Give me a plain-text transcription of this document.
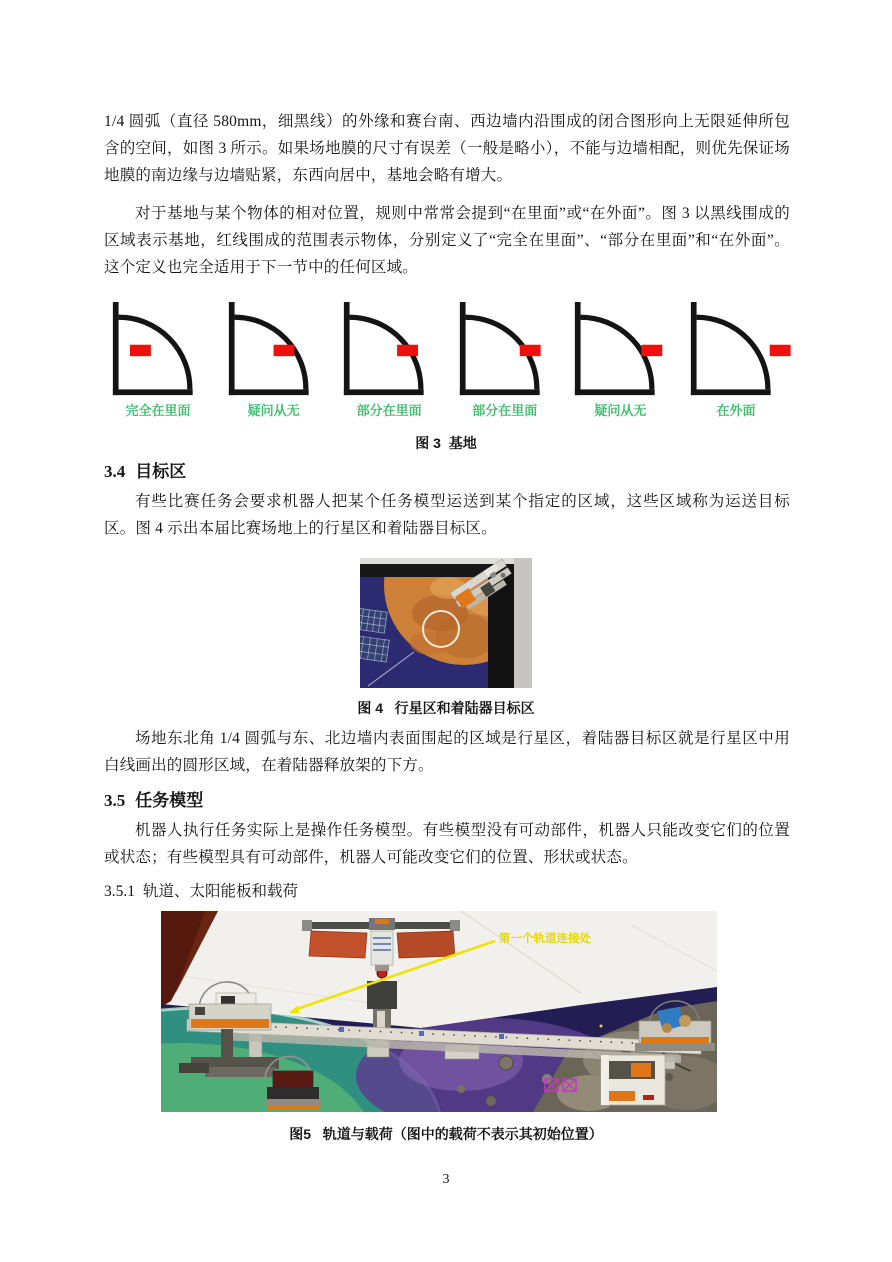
1/4 圆弧（直径 580mm，细黑线）的外缘和赛台南、西边墙内沿围成的闭合图形向上无限延伸所包含的空间，如图 3 所示。如果场地膜的尺寸有误差（一般是略小），不能与边墙相配，则优先保证场地膜的南边缘与边墙贴紧，东西向居中，基地会略有增大。

对于基地与某个物体的相对位置，规则中常常会提到“在里面”或“在外面”。图 3 以黑线围成的区域表示基地，红线围成的范围表示物体，分别定义了“完全在里面”、“部分在里面”和“在外面”。这个定义也完全适用于下一节中的任何区域。

完全在里面	疑问从无	部分在里面	部分在里面	疑问从无	在外面
图 3  基地
3.4 目标区

有些比赛任务会要求机器人把某个任务模型运送到某个指定的区域，这些区域称为运送目标区。图 4 示出本届比赛场地上的行星区和着陆器目标区。

图 4   行星区和着陆器目标区

场地东北角 1/4 圆弧与东、北边墙内表面围起的区域是行星区，着陆器目标区就是行星区中用白线画出的圆形区域，在着陆器释放架的下方。

3.5 任务模型

机器人执行任务实际上是操作任务模型。有些模型没有可动部件，机器人只能改变它们的位置或状态；有些模型具有可动部件，机器人可能改变它们的位置、形状或状态。

3.5.1 轨道、太阳能板和载荷
第一个轨道连接处
图5   轨道与载荷（图中的载荷不表示其初始位置）
3
